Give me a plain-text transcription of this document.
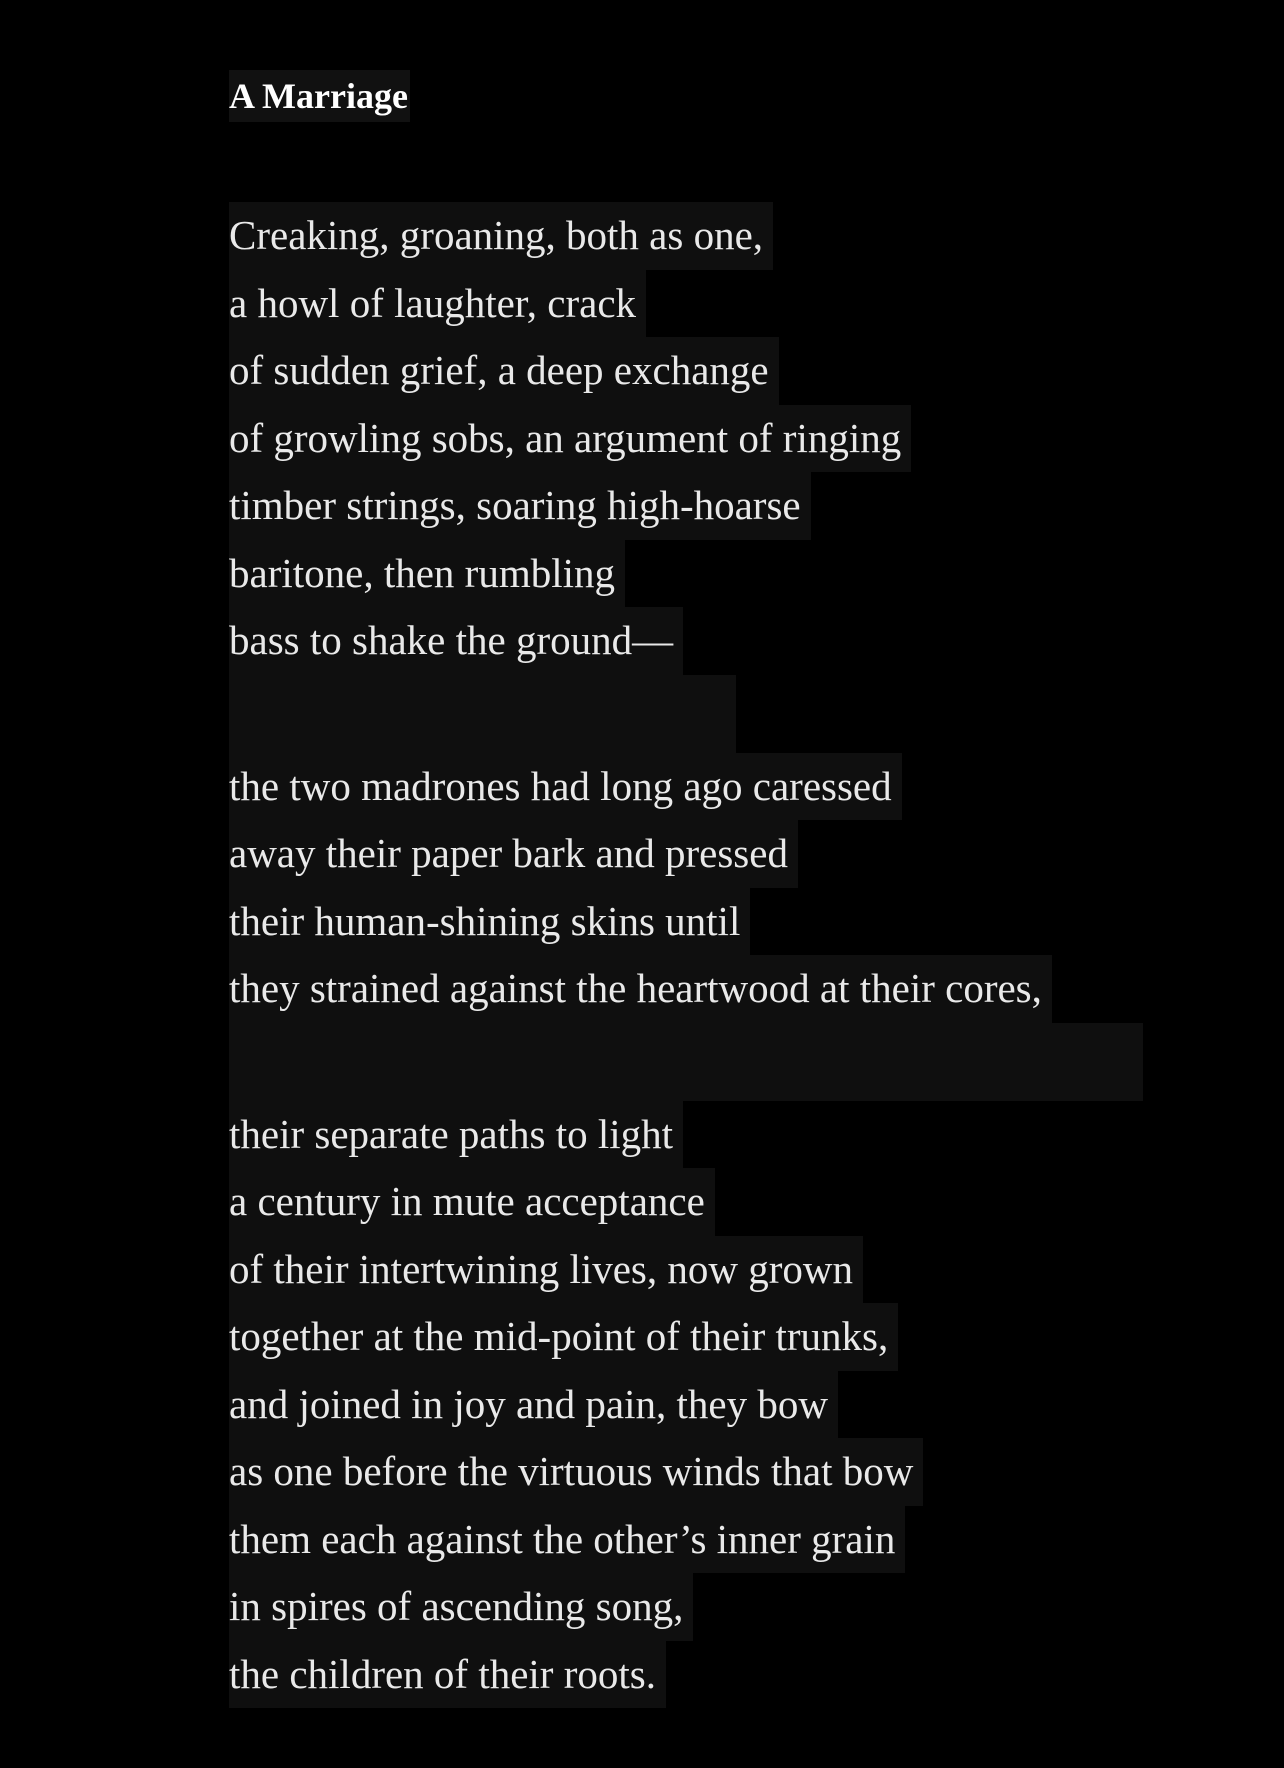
A Marriage
Creaking, groaning, both as one,
a howl of laughter, crack
of sudden grief, a deep exchange
of growling sobs, an argument of ringing
timber strings, soaring high-hoarse
baritone, then rumbling
bass to shake the ground—
the two madrones had long ago caressed
away their paper bark and pressed
their human-shining skins until
they strained against the heartwood at their cores,
their separate paths to light
a century in mute acceptance
of their intertwining lives, now grown
together at the mid-point of their trunks,
and joined in joy and pain, they bow
as one before the virtuous winds that bow
them each against the other’s inner grain
in spires of ascending song,
the children of their roots.
